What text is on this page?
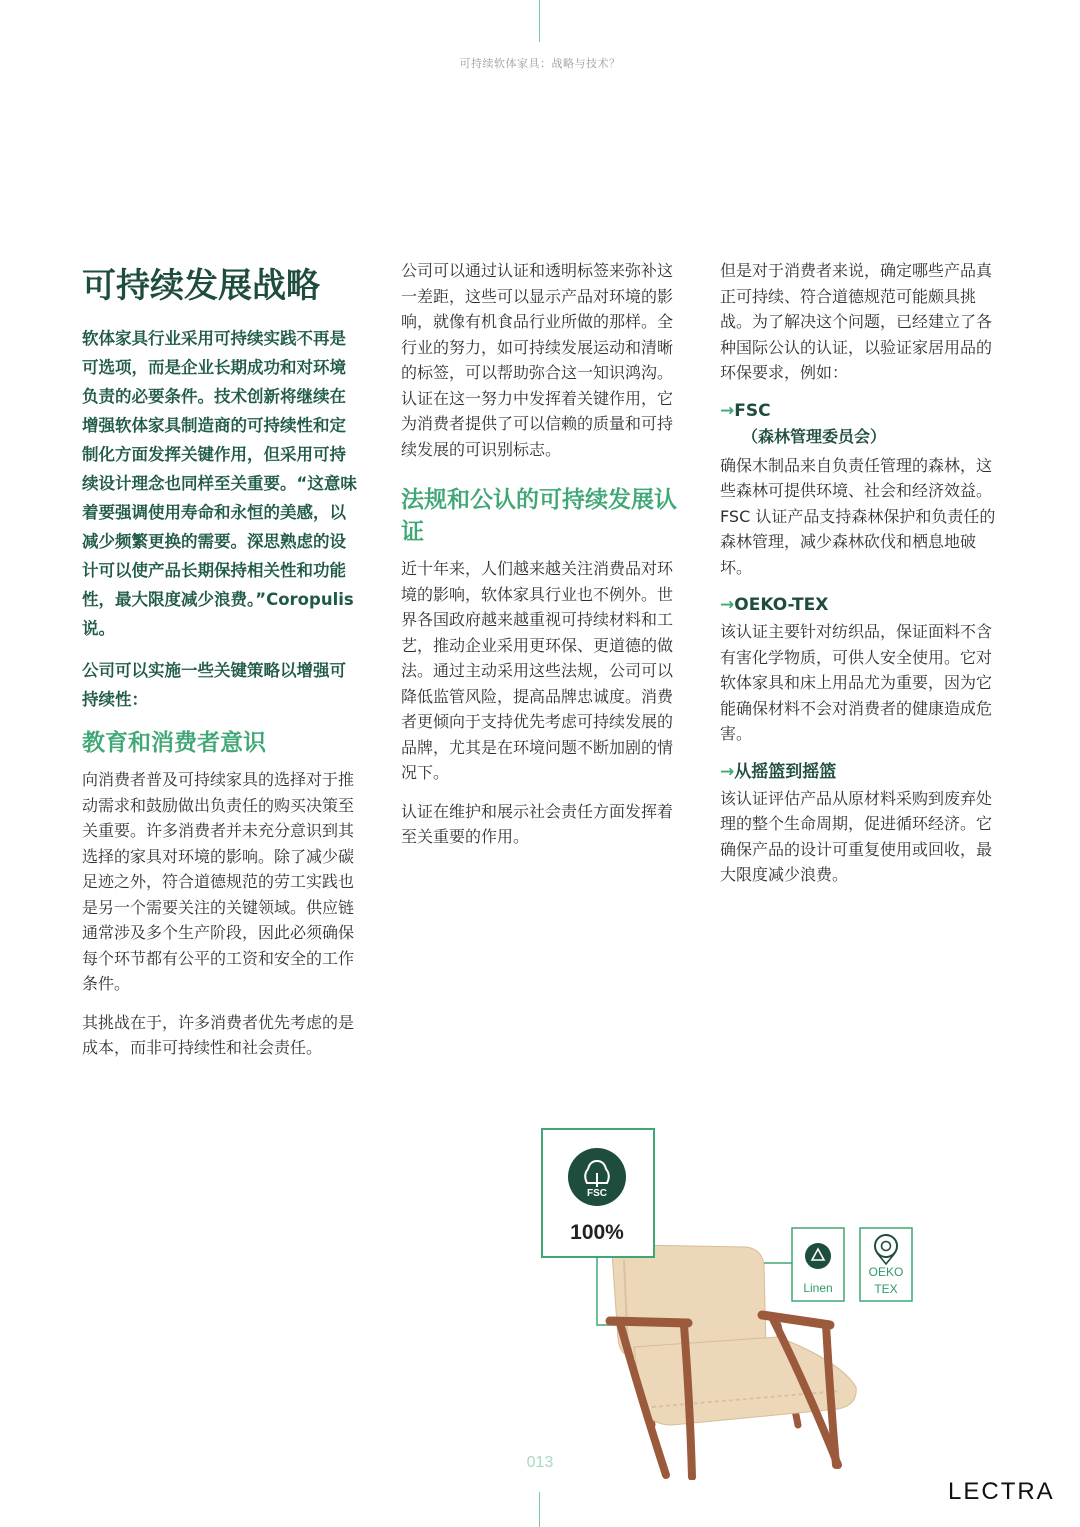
可持续软体家具：战略与技术？
可持续发展战略

软体家具行业采用可持续实践不再是可选项，而是企业长期成功和对环境负责的必要条件。技术创新将继续在增强软体家具制造商的可持续性和定制化方面发挥关键作用，但采用可持续设计理念也同样至关重要。“这意味着要强调使用寿命和永恒的美感，以减少频繁更换的需要。深思熟虑的设计可以使产品长期保持相关性和功能性，最大限度减少浪费。”Coropulis说。

公司可以实施一些关键策略以增强可持续性：

教育和消费者意识

向消费者普及可持续家具的选择对于推动需求和鼓励做出负责任的购买决策至关重要。许多消费者并未充分意识到其选择的家具对环境的影响。除了减少碳足迹之外，符合道德规范的劳工实践也是另一个需要关注的关键领域。供应链通常涉及多个生产阶段，因此必须确保每个环节都有公平的工资和安全的工作条件。

其挑战在于，许多消费者优先考虑的是成本，而非可持续性和社会责任。

公司可以通过认证和透明标签来弥补这一差距，这些可以显示产品对环境的影响，就像有机食品行业所做的那样。全行业的努力，如可持续发展运动和清晰的标签，可以帮助弥合这一知识鸿沟。认证在这一努力中发挥着关键作用，它为消费者提供了可以信赖的质量和可持续发展的可识别标志。

法规和公认的可持续发展认证

近十年来，人们越来越关注消费品对环境的影响，软体家具行业也不例外。世界各国政府越来越重视可持续材料和工艺，推动企业采用更环保、更道德的做法。通过主动采用这些法规，公司可以降低监管风险，提高品牌忠诚度。消费者更倾向于支持优先考虑可持续发展的品牌，尤其是在环境问题不断加剧的情况下。

认证在维护和展示社会责任方面发挥着至关重要的作用。

但是对于消费者来说，确定哪些产品真正可持续、符合道德规范可能颇具挑战。为了解决这个问题，已经建立了各种国际公认的认证，以验证家居用品的环保要求，例如：

→FSC
（森林管理委员会）

确保木制品来自负责任管理的森林，这些森林可提供环境、社会和经济效益。FSC 认证产品支持森林保护和负责任的森林管理，减少森林砍伐和栖息地破坏。

→OEKO-TEX

该认证主要针对纺织品，保证面料不含有害化学物质，可供人安全使用。它对软体家具和床上用品尤为重要，因为它能确保材料不会对消费者的健康造成危害。

→从摇篮到摇篮

该认证评估产品从原材料采购到废弃处理的整个生命周期，促进循环经济。它确保产品的设计可重复使用或回收，最大限度减少浪费。

FSC
100%
Linen
OEKO
TEX
013
LECTRA
